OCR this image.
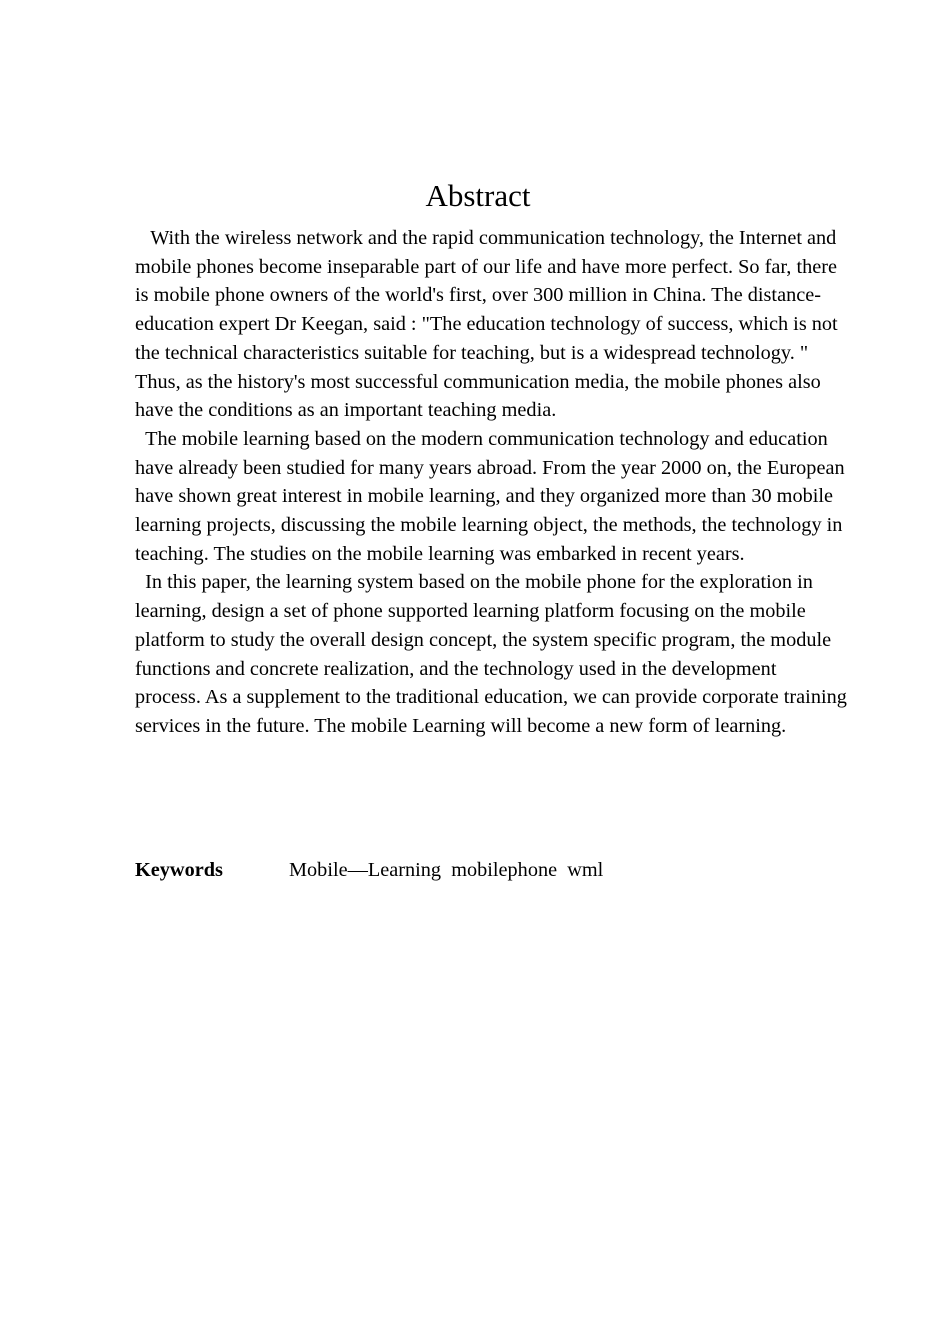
Abstract

With the wireless network and the rapid communication technology, the Internet and mobile phones become inseparable part of our life and have more perfect. So far, there is mobile phone owners of the world's first, over 300 million in China. The distance-education expert Dr Keegan, said : "The education technology of success, which is not the technical characteristics suitable for teaching, but is a widespread technology. " Thus, as the history's most successful communication media, the mobile phones also have the conditions as an important teaching media.

The mobile learning based on the modern communication technology and education have already been studied for many years abroad. From the year 2000 on, the European have shown great interest in mobile learning, and they organized more than 30 mobile learning projects, discussing the mobile learning object, the methods, the technology in teaching. The studies on the mobile learning was embarked in recent years.

In this paper, the learning system based on the mobile phone for the exploration in learning, design a set of phone supported learning platform focusing on the mobile platform to study the overall design concept, the system specific program, the module functions and concrete realization, and the technology used in the development process. As a supplement to the traditional education, we can provide corporate training services in the future. The mobile Learning will become a new form of learning.

Keywords	Mobile—Learning  mobilephone  wml
